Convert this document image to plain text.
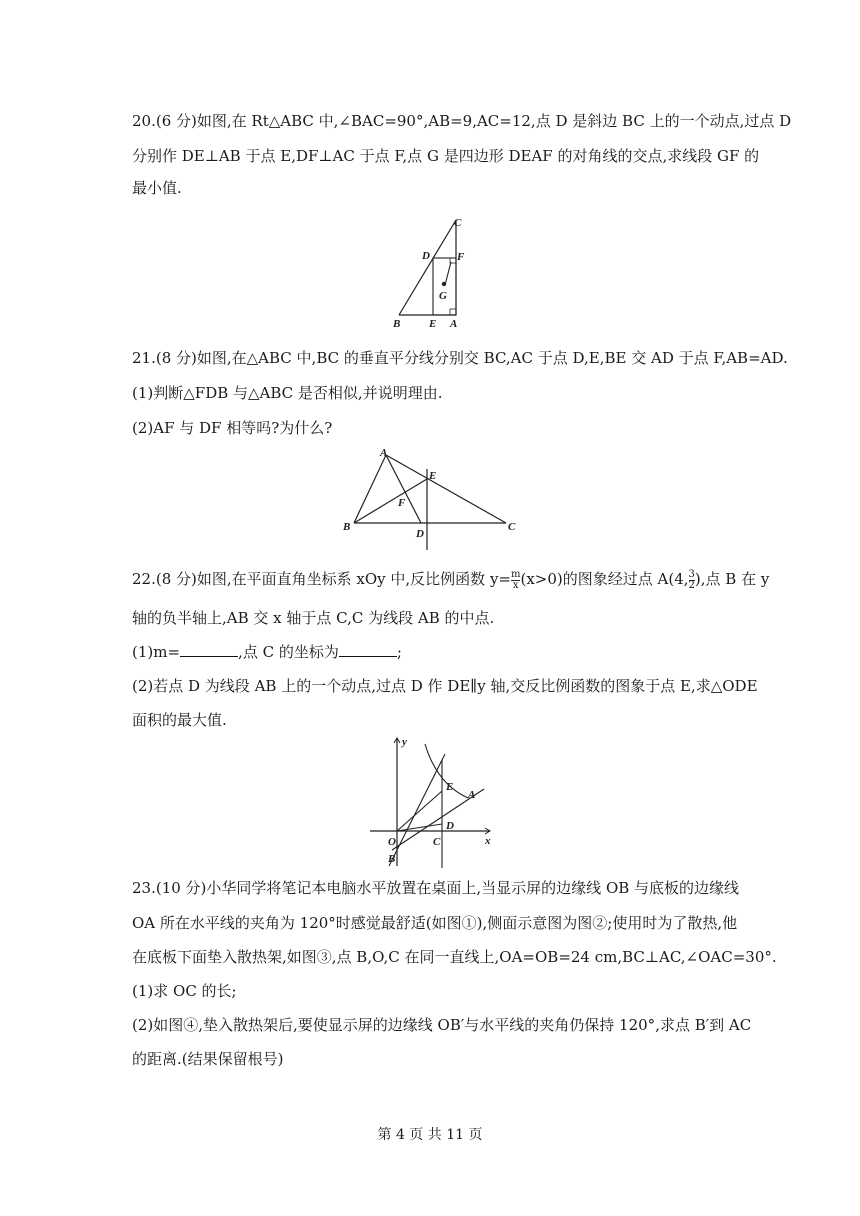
20.(6 分)如图,在 Rt△ABC 中,∠BAC=90°,AB=9,AC=12,点 D 是斜边 BC 上的一个动点,过点 D
分别作 DE⊥AB 于点 E,DF⊥AC 于点 F,点 G 是四边形 DEAF 的对角线的交点,求线段 GF 的
最小值.
C
D F
G
B	E A
21.(8 分)如图,在△ABC 中,BC 的垂直平分线分别交 BC,AC 于点 D,E,BE 交 AD 于点 F,AB=AD.
(1)判断△FDB 与△ABC 是否相似,并说明理由.
(2)AF 与 DF 相等吗?为什么?
A
E
F
B
D
C
22.(8 分)如图,在平面直角坐标系 xOy 中,反比例函数 $y= \frac{m}{x} (x>0)$的图象经过点 A(4, $\frac{3}{2}$ ),点 B 在 y
轴的负半轴上,AB 交 x 轴于点 C,C 为线段 AB 的中点.
(1)m=	,点 C 的坐标为	;
(2)若点 D 为线段 AB 上的一个动点,过点 D 作 DE∥y 轴,交反比例函数的图象于点 E,求△ODE
面积的最大值.
y
x
O
E
A
D
C
B
23.(10 分)小华同学将笔记本电脑水平放置在桌面上,当显示屏的边缘线 OB 与底板的边缘线
OA 所在水平线的夹角为 120°时感觉最舒适(如图①),侧面示意图为图②;使用时为了散热,他
在底板下面垫入散热架,如图③,点 B,O,C 在同一直线上,OA=OB=24 cm,BC⊥AC,∠OAC=30°.
(1)求 OC 的长;
(2)如图④,垫入散热架后,要使显示屏的边缘线 OB′与水平线的夹角仍保持 120°,求点 B′到 AC
的距离.(结果保留根号)
第 4 页 共 11 页
